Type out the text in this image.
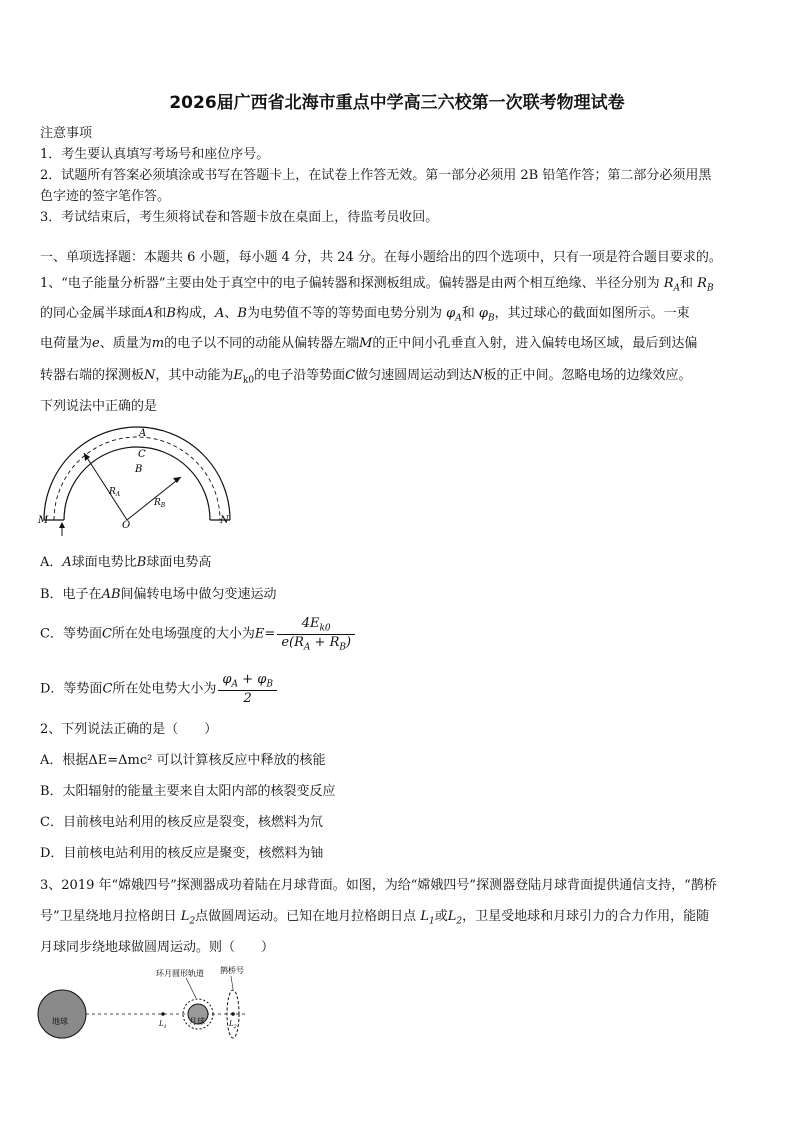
2026届广西省北海市重点中学高三六校第一次联考物理试卷
注意事项
1．考生要认真填写考场号和座位序号。
2．试题所有答案必须填涂或书写在答题卡上，在试卷上作答无效。第一部分必须用 2B 铅笔作答；第二部分必须用黑
色字迹的签字笔作答。
3．考试结束后，考生须将试卷和答题卡放在桌面上，待监考员收回。
一、单项选择题：本题共 6 小题，每小题 4 分，共 24 分。在每小题给出的四个选项中，只有一项是符合题目要求的。
1、“电子能量分析器”主要由处于真空中的电子偏转器和探测板组成。偏转器是由两个相互绝缘、半径分别为 $R_A$和 $R_B$
的同心金属半球面A和B构成，A、B为电势值不等的等势面电势分别为 $\varphi_A$和 $\varphi_B$，其过球心的截面如图所示。一束
电荷量为e、质量为m的电子以不同的动能从偏转器左端M的正中间小孔垂直入射，进入偏转电场区域，最后到达偏
转器右端的探测板N，其中动能为$E_{k0}$的电子沿等势面C做匀速圆周运动到达N板的正中间。忽略电场的边缘效应。
下列说法中正确的是
A
C
B
O
M	N
$R_A$
$R_B$
A．A球面电势比B球面电势高
B．电子在AB间偏转电场中做匀变速运动
C．等势面C所在处电场强度的大小为$E= \frac{4E_{k0}}{e(R_A + R_B)}$
D．等势面C所在处电势大小为 $\frac{\varphi_A + \varphi_B}{2}$
2、下列说法正确的是（　　）
A．根据ΔE=Δmc² 可以计算核反应中释放的核能
B．太阳辐射的能量主要来自太阳内部的核裂变反应
C．目前核电站利用的核反应是裂变，核燃料为氘
D．目前核电站利用的核反应是聚变，核燃料为铀
3、2019 年“嫦娥四号”探测器成功着陆在月球背面。如图，为给“嫦娥四号”探测器登陆月球背面提供通信支持，“鹊桥
号”卫星绕地月拉格朗日 $L_2$点做圆周运动。已知在地月拉格朗日点 $L_1$或$L_2$，卫星受地球和月球引力的合力作用，能随
月球同步绕地球做圆周运动。则（　　）
环月圆形轨道 鹊桥号
地球	月球
$L_1$	$L_2$
